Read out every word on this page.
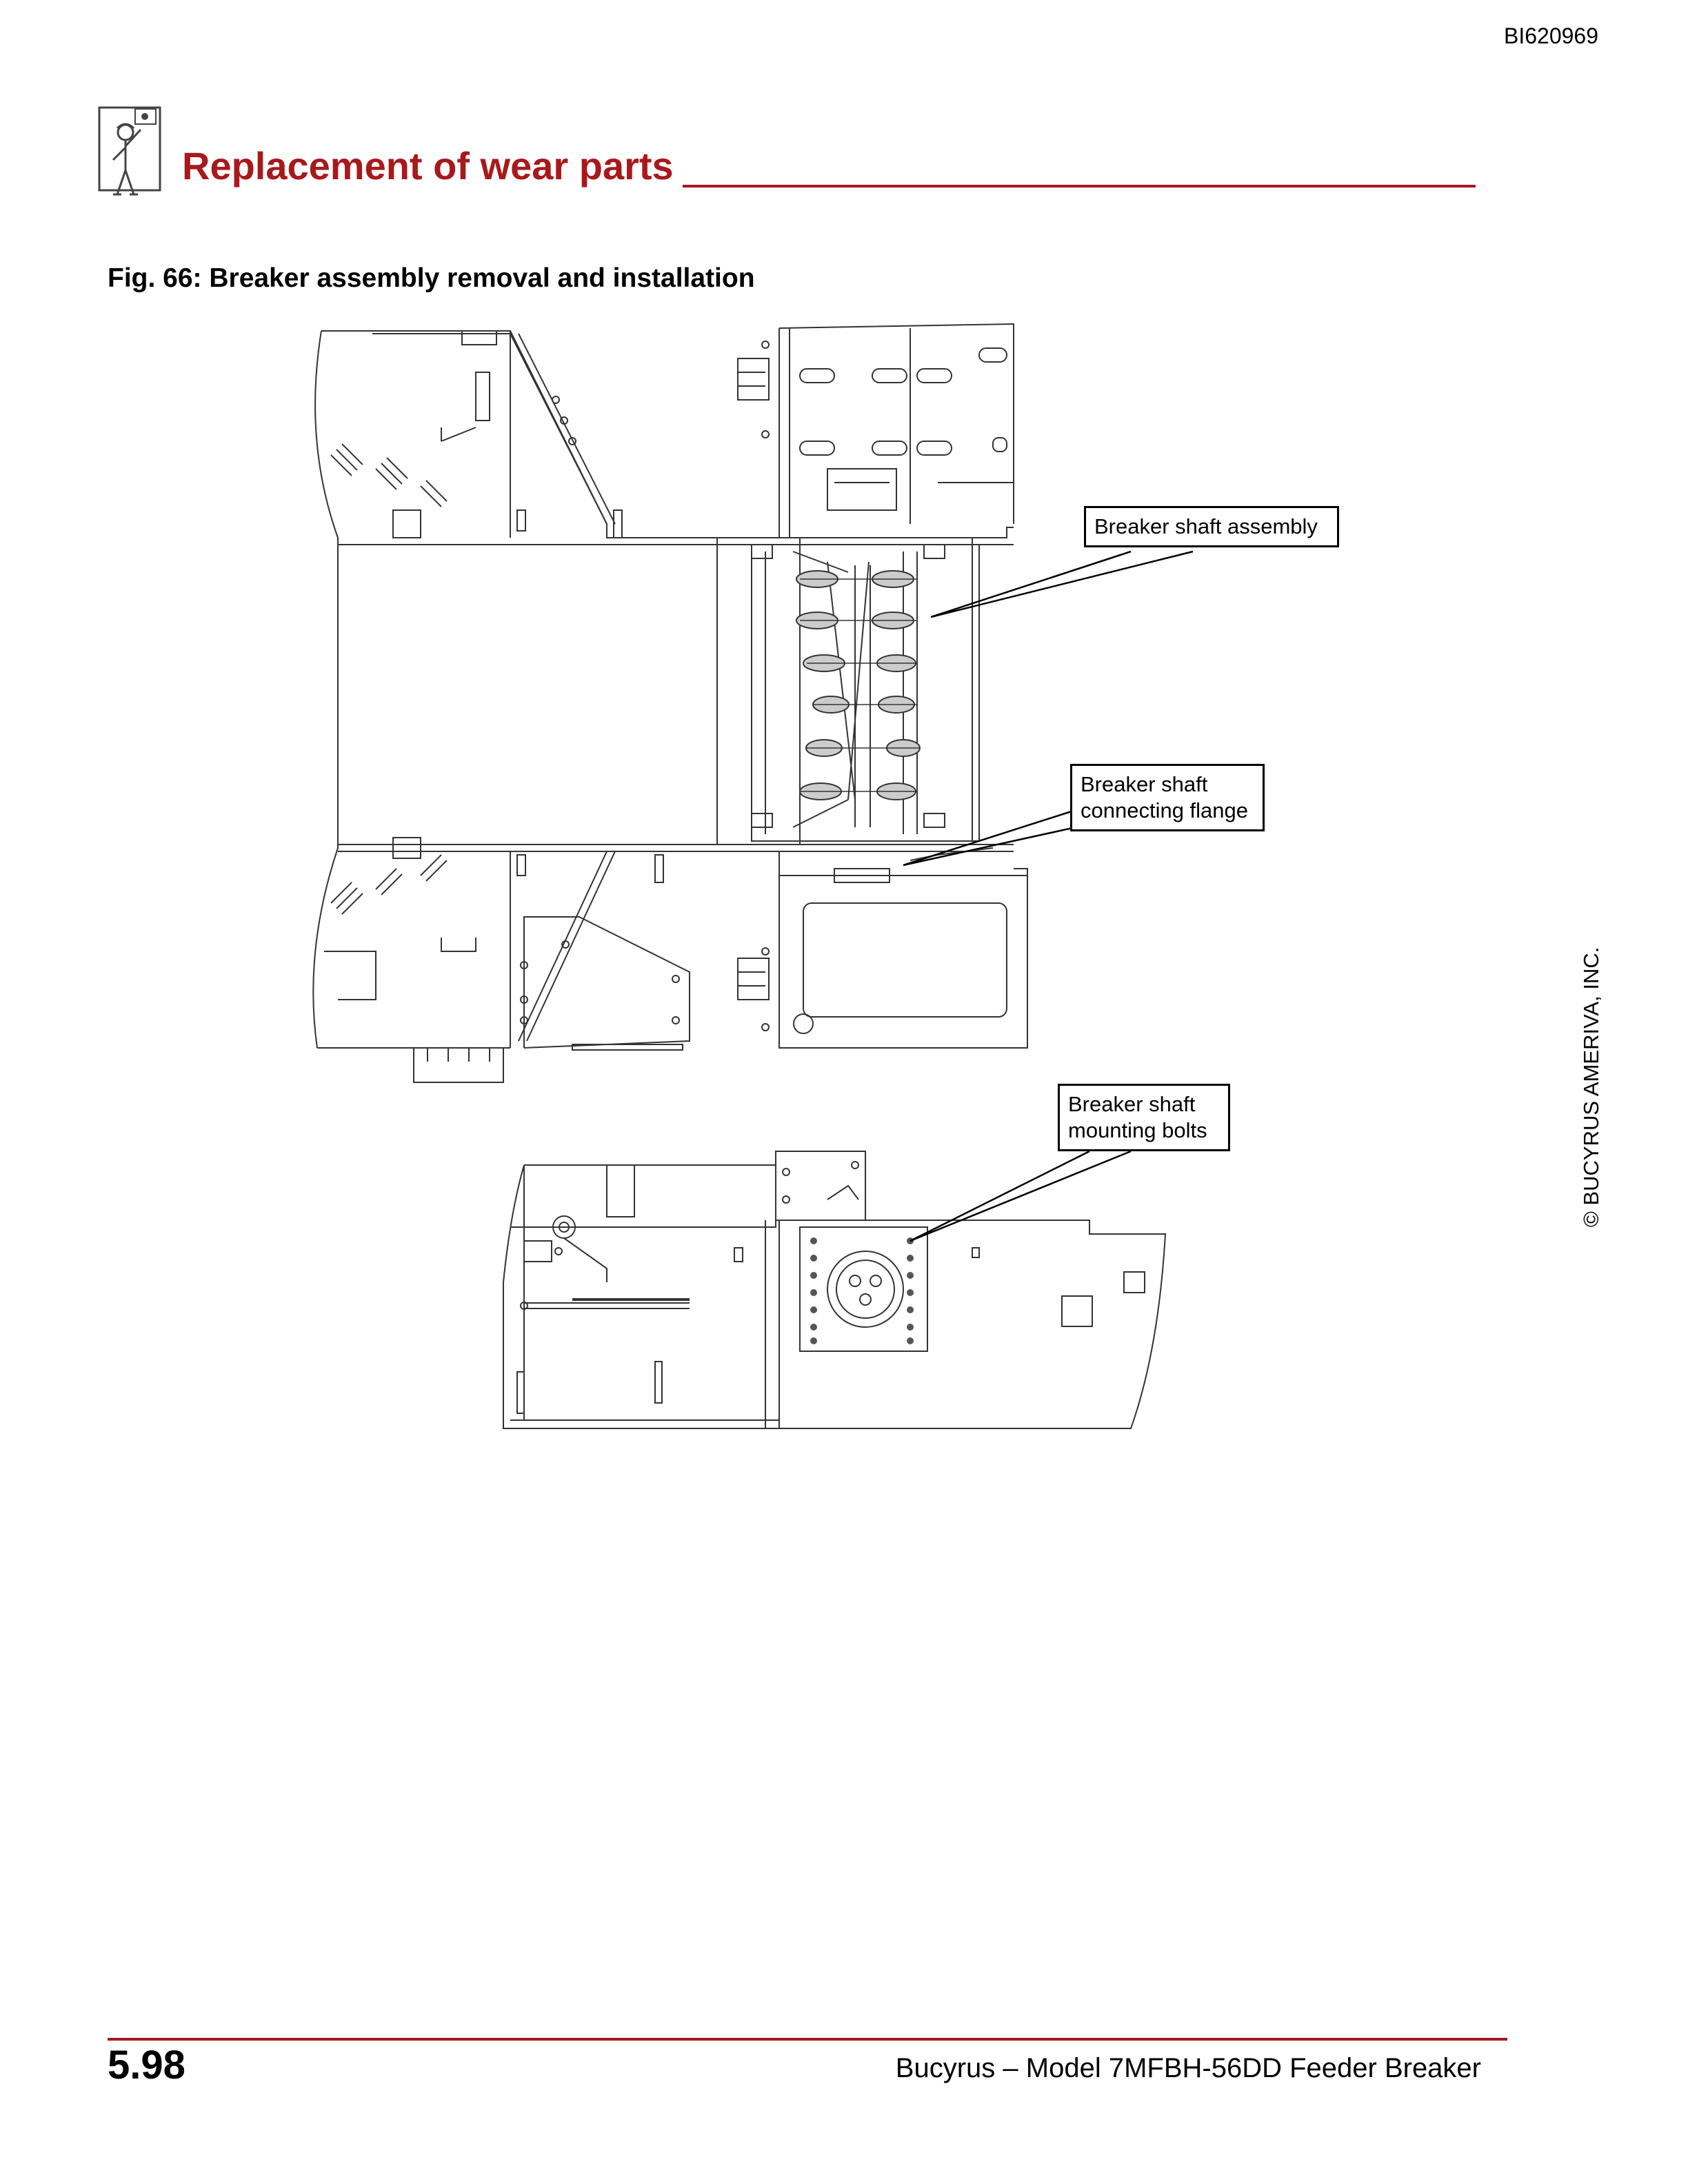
BI620969
Replacement of wear parts
Fig. 66: Breaker assembly removal and installation
Breaker shaft assembly
Breaker shaft
connecting flange
Breaker shaft
mounting bolts	© BUCYRUS AMERIVA, INC.
5.98	Bucyrus – Model 7MFBH-56DD Feeder Breaker
